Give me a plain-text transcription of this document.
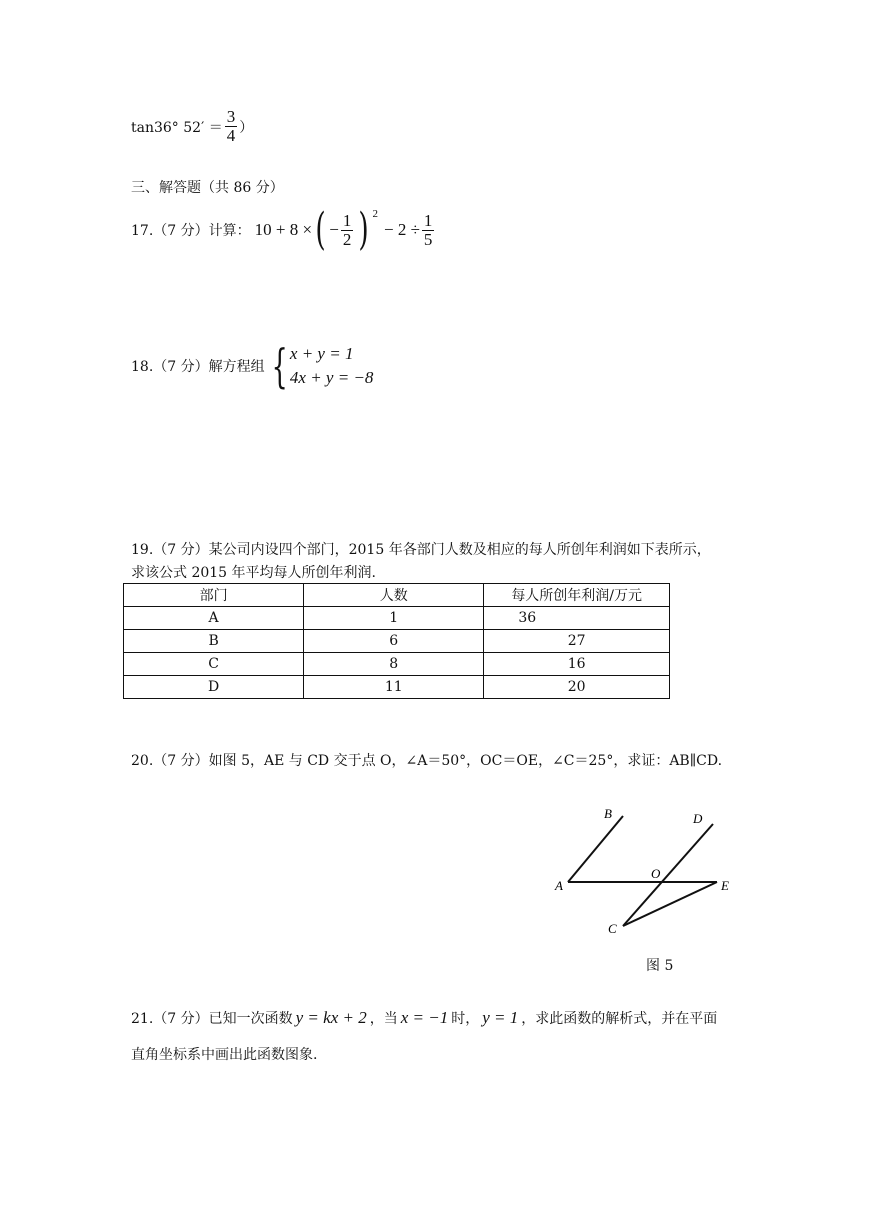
tan36° $52' = \frac{3}{4}$ ）
三、解答题（共 86 分）
17.（7 分）计算： 10 + 8 × ( − $\frac{1}{2}$ ) 2
− $2 \div \frac{1}{5}$
18.（7 分）解方程组 { x + y = 1
4x + y = −8
19.（7 分）某公司内设四个部门，2015 年各部门人数及相应的每人所创年利润如下表所示，
求该公式 2015 年平均每人所创年利润.
部门	人数	每人所创年利润/万元
A	1	36
B	6	27
C	8	16
D	11	20
20.（7 分）如图 5，AE 与 CD 交于点 O，∠A＝50°，OC＝OE，∠C＝25°，求证：AB∥CD.
B	D
O
A	E
C
图 5
21.（7 分）已知一次函数 y = kx + 2 ，当 x = −1 时， y = 1 ，求此函数的解析式，并在平面
直角坐标系中画出此函数图象.
